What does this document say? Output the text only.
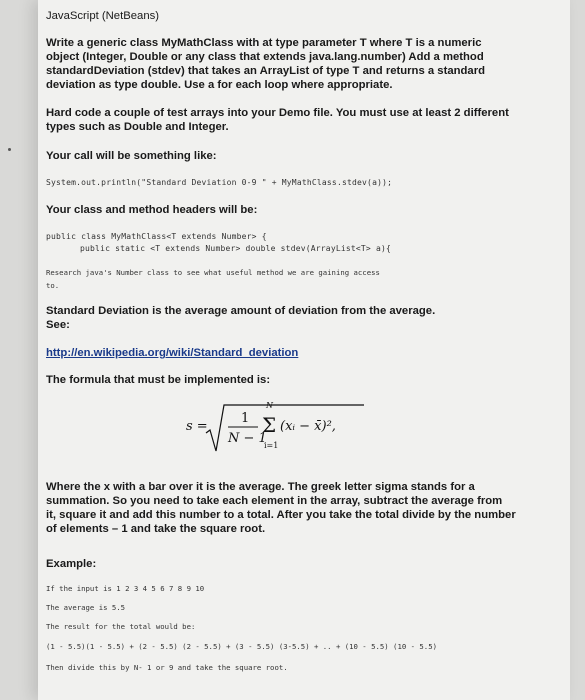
JavaScript (NetBeans)
Write a generic class MyMathClass with at type parameter T where T is a numeric
object (Integer, Double or any class that extends java.lang.number) Add a method
standardDeviation (stdev) that takes an ArrayList of type T and returns a standard
deviation as type double. Use a for each loop where appropriate.
Hard code a couple of test arrays into your Demo file. You must use at least 2 different
types such as Double and Integer.
Your call will be something like:
System.out.println("Standard Deviation 0-9 " + MyMathClass.stdev(a));
Your class and method headers will be:
public class MyMathClass<T extends Number> {
public static <T extends Number> double stdev(ArrayList<T> a){
Research java's Number class to see what useful method we are gaining access
to.
Standard Deviation is the average amount of deviation from the average.
See:
http://en.wikipedia.org/wiki/Standard_deviation
The formula that must be implemented is:
s =
1
N − 1
N
Σ
i=1
(xᵢ − x̄)²,
Where the x with a bar over it is the average. The greek letter sigma stands for a
summation. So you need to take each element in the array, subtract the average from
it, square it and add this number to a total. After you take the total divide by the number
of elements – 1 and take the square root.
Example:
If the input is 1 2 3 4 5 6 7 8 9 10
The average is 5.5
The result for the total would be:
(1 - 5.5)(1 - 5.5) + (2 - 5.5) (2 - 5.5) + (3 - 5.5) (3-5.5) + .. + (10 - 5.5) (10 - 5.5)
Then divide this by N- 1 or 9 and take the square root.
